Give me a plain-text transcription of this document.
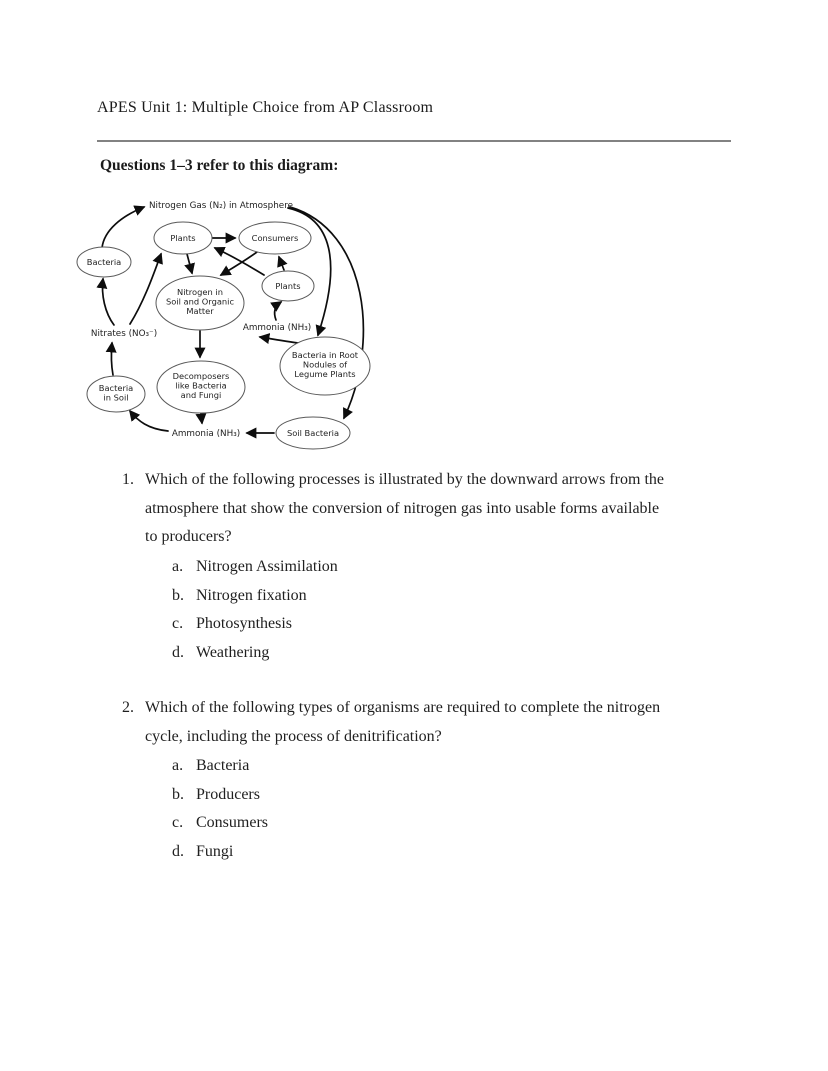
APES Unit 1: Multiple Choice from AP Classroom
Questions 1–3 refer to this diagram:
Plants	Consumers
Bacteria
Plants
Nitrogen in
Soil and Organic
Matter
Bacteria in Root
Nodules of
Legume Plants
Decomposers
like Bacteria
and Fungi
Bacteria
in Soil
Soil Bacteria
Nitrogen Gas (N₂) in Atmosphere
Nitrates (NO₃⁻)
Ammonia (NH₃)
Ammonia (NH₃)
1. Which of the following processes is illustrated by the downward arrows from the
atmosphere that show the conversion of nitrogen gas into usable forms available
to producers?
a. Nitrogen Assimilation
b. Nitrogen fixation
c. Photosynthesis
d. Weathering
2. Which of the following types of organisms are required to complete the nitrogen
cycle, including the process of denitrification?
a. Bacteria
b. Producers
c. Consumers
d. Fungi
